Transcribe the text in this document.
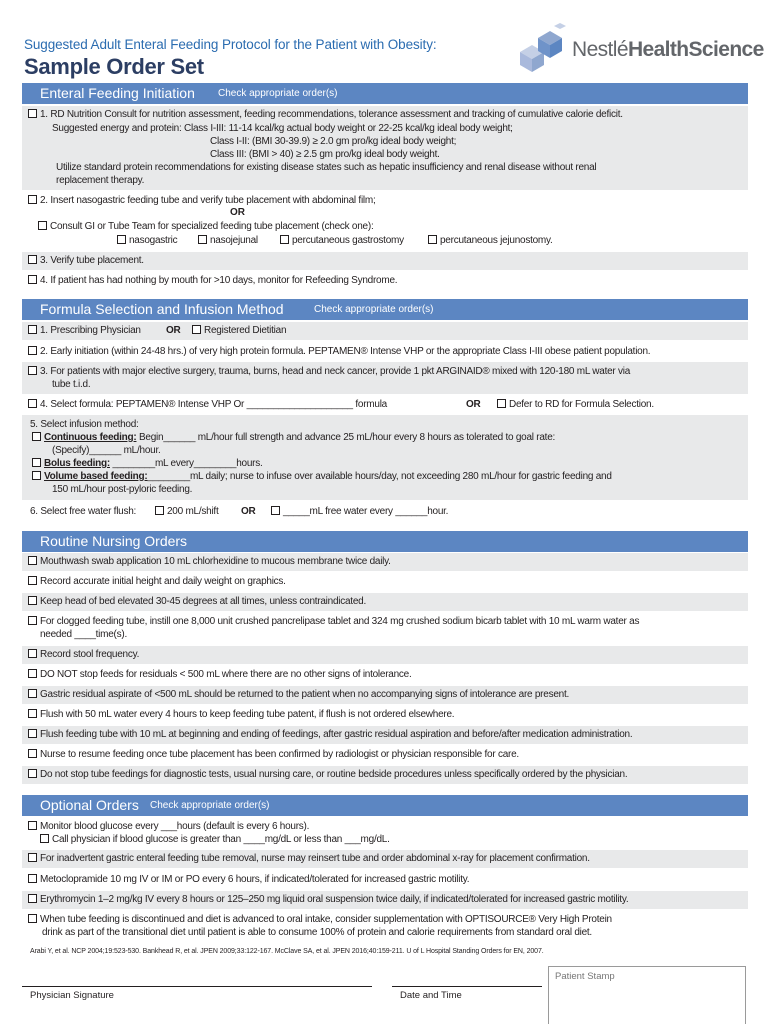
Suggested Adult Enteral Feeding Protocol for the Patient with Obesity:
Sample Order Set
NestléHealthScience
Enteral Feeding Initiation Check appropriate order(s)
1. RD Nutrition Consult for nutrition assessment, feeding recommendations, tolerance assessment and tracking of cumulative calorie deficit.
Suggested energy and protein: Class I-III: 11-14 kcal/kg actual body weight or 22-25 kcal/kg ideal body weight;
Class I-II: (BMI 30-39.9) ≥ 2.0 gm pro/kg ideal body weight;
Class III: (BMI > 40) ≥ 2.5 gm pro/kg ideal body weight.
Utilize standard protein recommendations for existing disease states such as hepatic insufficiency and renal disease without renal
replacement therapy.
2. Insert nasogastric feeding tube and verify tube placement with abdominal film;
OR
Consult GI or Tube Team for specialized feeding tube placement (check one):
nasogastric	nasojejunal	percutaneous gastrostomy	percutaneous jejunostomy.
3. Verify tube placement.
4. If patient has had nothing by mouth for >10 days, monitor for Refeeding Syndrome.
Formula Selection and Infusion Method	Check appropriate order(s)
1. Prescribing Physician	OR	Registered Dietitian
2. Early initiation (within 24-48 hrs.) of very high protein formula. PEPTAMEN® Intense VHP or the appropriate Class I-III obese patient population.
3. For patients with major elective surgery, trauma, burns, head and neck cancer, provide 1 pkt ARGINAID® mixed with 120-180 mL water via
tube t.i.d.
4. Select formula: PEPTAMEN® Intense VHP Or ____________________ formula	OR	Defer to RD for Formula Selection.
5. Select infusion method:
Continuous feeding: Begin______ mL/hour full strength and advance 25 mL/hour every 8 hours as tolerated to goal rate:
(Specify)______ mL/hour.
Bolus feeding: ________mL every________hours.
Volume based feeding:________mL daily; nurse to infuse over available hours/day, not exceeding 280 mL/hour for gastric feeding and
150 mL/hour post-pyloric feeding.
6. Select free water flush:	200 mL/shift OR	_____mL free water every ______hour.
Routine Nursing Orders
Mouthwash swab application 10 mL chlorhexidine to mucous membrane twice daily.
Record accurate initial height and daily weight on graphics.
Keep head of bed elevated 30-45 degrees at all times, unless contraindicated.
For clogged feeding tube, instill one 8,000 unit crushed pancrelipase tablet and 324 mg crushed sodium bicarb tablet with 10 mL warm water as
needed ____time(s).
Record stool frequency.
DO NOT stop feeds for residuals < 500 mL where there are no other signs of intolerance.
Gastric residual aspirate of <500 mL should be returned to the patient when no accompanying signs of intolerance are present.
Flush with 50 mL water every 4 hours to keep feeding tube patent, if flush is not ordered elsewhere.
Flush feeding tube with 10 mL at beginning and ending of feedings, after gastric residual aspiration and before/after medication administration.
Nurse to resume feeding once tube placement has been confirmed by radiologist or physician responsible for care.
Do not stop tube feedings for diagnostic tests, usual nursing care, or routine bedside procedures unless specifically ordered by the physician.
Optional Orders Check appropriate order(s)
Monitor blood glucose every ___hours (default is every 6 hours).
Call physician if blood glucose is greater than ____mg/dL or less than ___mg/dL.
For inadvertent gastric enteral feeding tube removal, nurse may reinsert tube and order abdominal x-ray for placement confirmation.
Metoclopramide 10 mg IV or IM or PO every 6 hours, if indicated/tolerated for increased gastric motility.
Erythromycin 1–2 mg/kg IV every 8 hours or 125–250 mg liquid oral suspension twice daily, if indicated/tolerated for increased gastric motility.
When tube feeding is discontinued and diet is advanced to oral intake, consider supplementation with OPTISOURCE® Very High Protein
drink as part of the transitional diet until patient is able to consume 100% of protein and calorie requirements from standard oral diet.
Arabi Y, et al. NCP 2004;19:523-530. Bankhead R, et al. JPEN 2009;33:122-167. McClave SA, et al. JPEN 2016;40:159-211. U of L Hospital Standing Orders for EN, 2007.
Patient Stamp
Physician Signature	Date and Time
